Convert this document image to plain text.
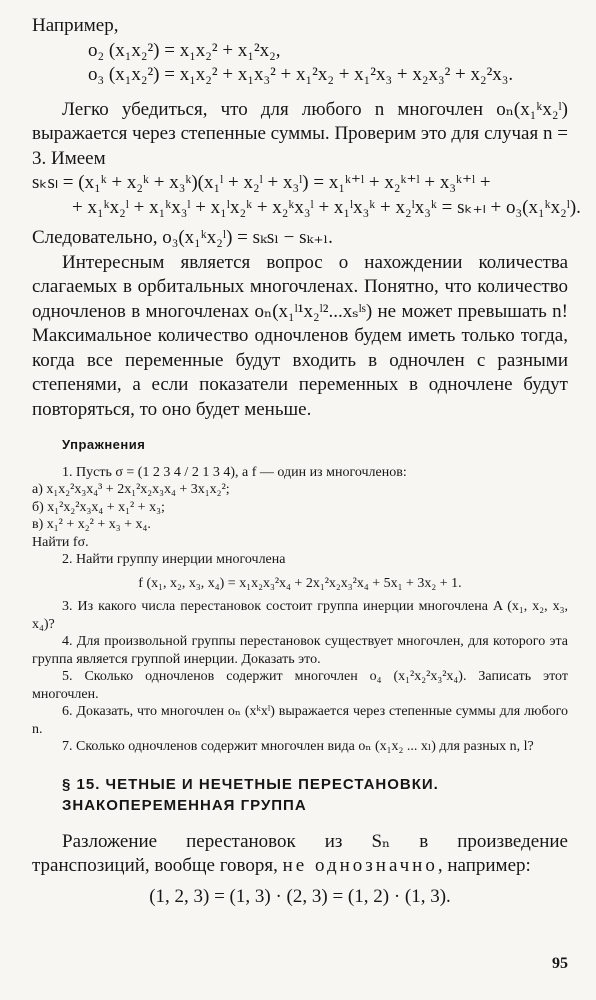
Например,

o₂ (x₁x₂²) = x₁x₂² + x₁²x₂,
o₃ (x₁x₂²) = x₁x₂² + x₁x₃² + x₁²x₂ + x₁²x₃ + x₂x₃² + x₂²x₃.

Легко убедиться, что для любого n многочлен oₙ(x₁ᵏx₂ˡ) выражается через степенные суммы. Проверим это для случая n = 3. Имеем

sₖsₗ = (x₁ᵏ + x₂ᵏ + x₃ᵏ)(x₁ˡ + x₂ˡ + x₃ˡ) = x₁ᵏ⁺ˡ + x₂ᵏ⁺ˡ + x₃ᵏ⁺ˡ +
+ x₁ᵏx₂ˡ + x₁ᵏx₃ˡ + x₁ˡx₂ᵏ + x₂ᵏx₃ˡ + x₁ˡx₃ᵏ + x₂ˡx₃ᵏ = sₖ₊ₗ + o₃(x₁ᵏx₂ˡ).

Следовательно, o₃(x₁ᵏx₂ˡ) = sₖsₗ − sₖ₊ₗ.

Интересным является вопрос о нахождении количества слагаемых в орбитальных многочленах. Понятно, что количество одночленов в многочленах oₙ(x₁ˡ¹x₂ˡ²...xₛˡˢ) не может превышать n! Максимальное количество одночленов будем иметь только тогда, когда все переменные будут входить в одночлен с разными степенями, а если показатели переменных в одночлене будут повторяться, то оно будет меньше.

Упражнения

1. Пусть σ = (1 2 3 4 / 2 1 3 4), а f — один из многочленов:

а) x₁x₂²x₃x₄³ + 2x₁²x₂x₃x₄ + 3x₁x₂²;

б) x₁²x₂²x₃x₄ + x₁² + x₃;

в) x₁² + x₂² + x₃ + x₄.

Найти fσ.

2. Найти группу инерции многочлена

f (x₁, x₂, x₃, x₄) = x₁x₂x₃²x₄ + 2x₁²x₂x₃²x₄ + 5x₁ + 3x₂ + 1.

3. Из какого числа перестановок состоит группа инерции многочлена A (x₁, x₂, x₃, x₄)?

4. Для произвольной группы перестановок существует многочлен, для которого эта группа является группой инерции. Доказать это.

5. Сколько одночленов содержит многочлен o₄ (x₁²x₂²x₃²x₄). Записать этот многочлен.

6. Доказать, что многочлен oₙ (xᵏxˡ) выражается через степенные суммы для любого n.

7. Сколько одночленов содержит многочлен вида oₙ (x₁x₂ ... xₗ) для разных n, l?

§ 15. ЧЕТНЫЕ И НЕЧЕТНЫЕ ПЕРЕСТАНОВКИ.
ЗНАКОПЕРЕМЕННАЯ ГРУППА

Разложение перестановок из Sₙ в произведение транспозиций, вообще говоря, не однозначно, например:

(1, 2, 3) = (1, 3) · (2, 3) = (1, 2) · (1, 3).

95
